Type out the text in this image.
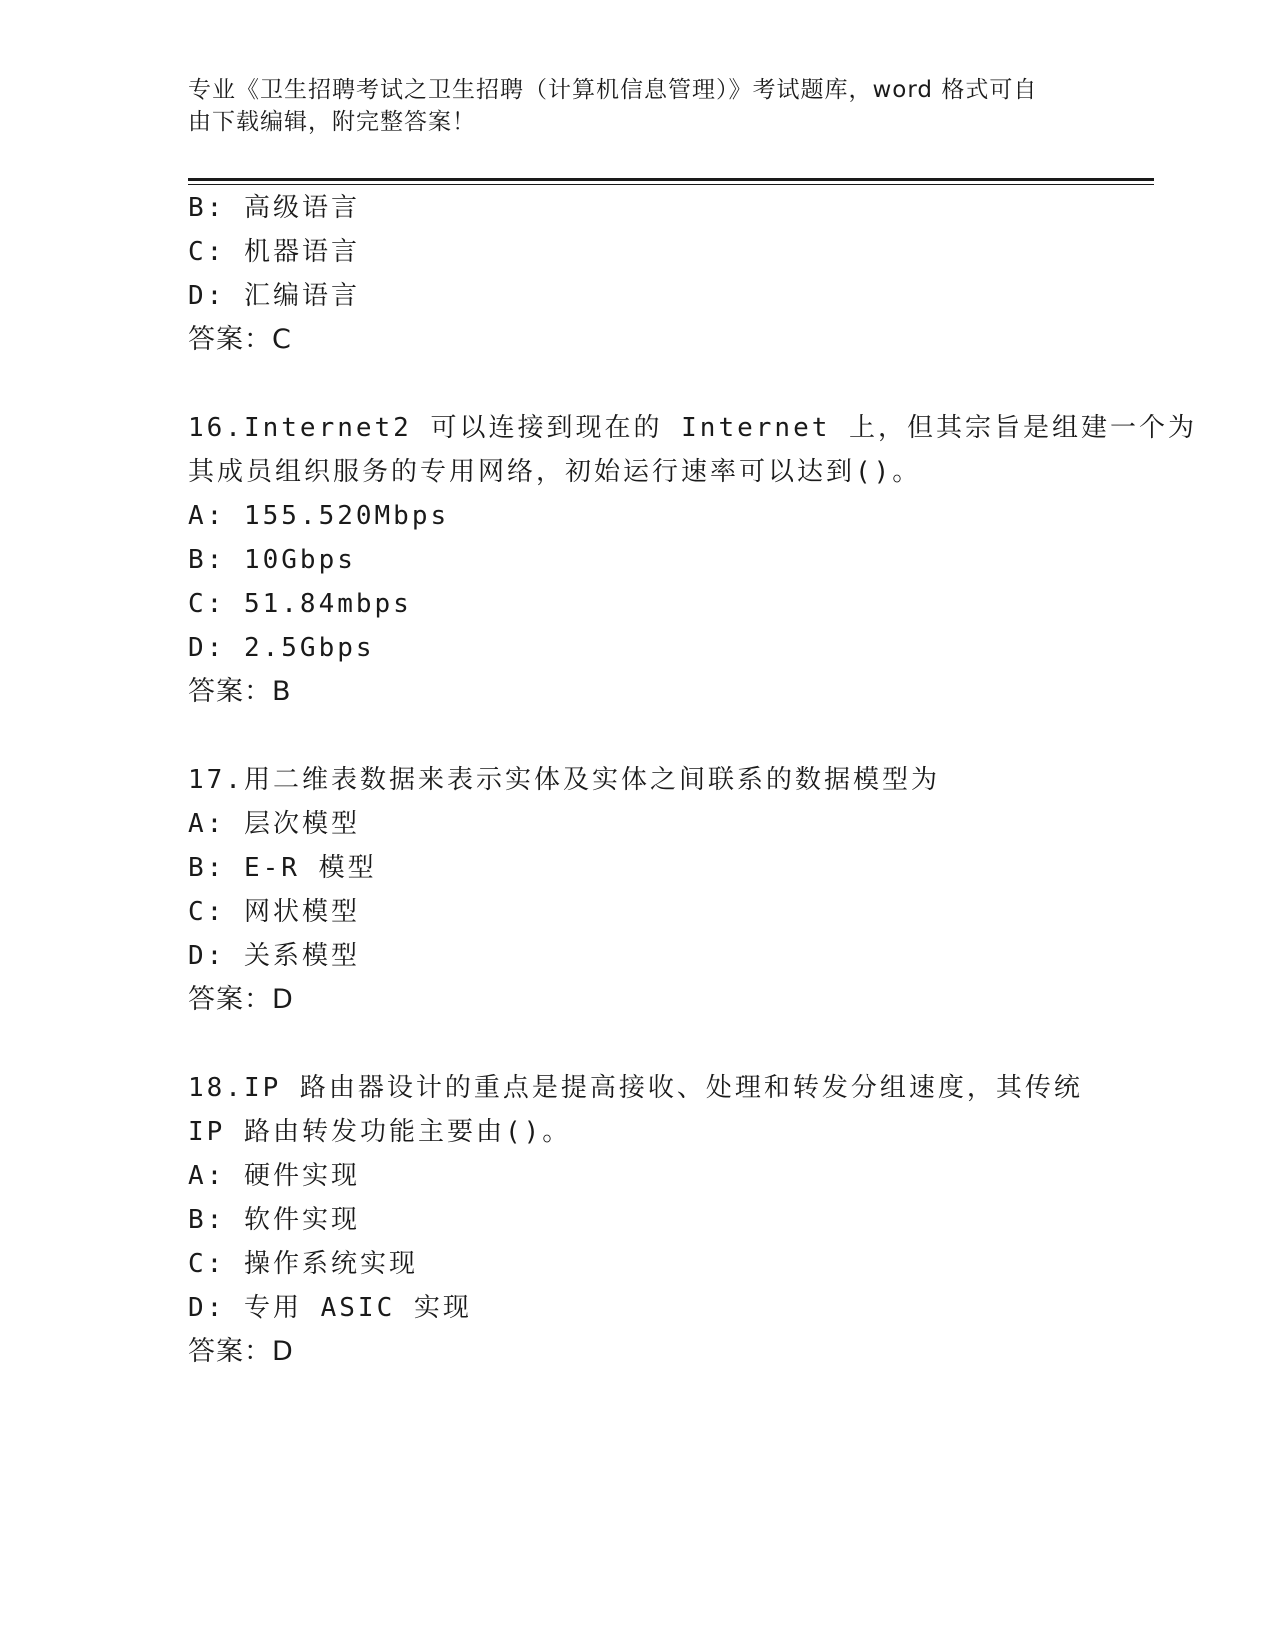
专业《卫生招聘考试之卫生招聘（计算机信息管理）》考试题库，word 格式可自
由下载编辑，附完整答案！
B: 高级语言
C: 机器语言
D: 汇编语言
答案：C
16.Internet2 可以连接到现在的 Internet 上，但其宗旨是组建一个为
其成员组织服务的专用网络，初始运行速率可以达到()。
A: 155.520Mbps
B: 10Gbps
C: 51.84mbps
D: 2.5Gbps
答案：B
17.用二维表数据来表示实体及实体之间联系的数据模型为
A: 层次模型
B: E-R 模型
C: 网状模型
D: 关系模型
答案：D
18.IP 路由器设计的重点是提高接收、处理和转发分组速度，其传统
IP 路由转发功能主要由()。
A: 硬件实现
B: 软件实现
C: 操作系统实现
D: 专用 ASIC 实现
答案：D
